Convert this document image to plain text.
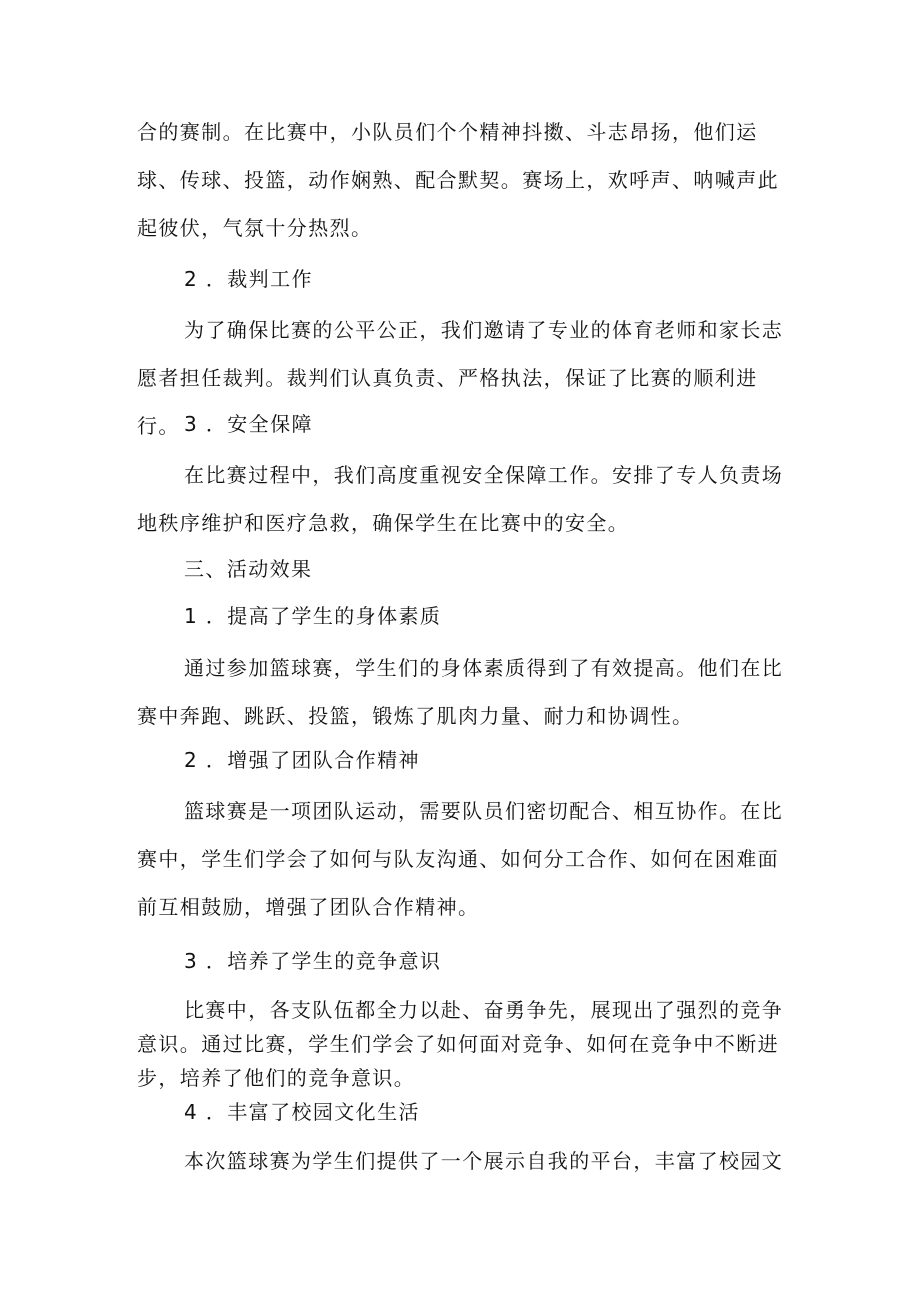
合的赛制。在比赛中，小队员们个个精神抖擞、斗志昂扬，他们运球、传球、投篮，动作娴熟、配合默契。赛场上，欢呼声、呐喊声此起彼伏，气氛十分热烈。

2 ．裁判工作

为了确保比赛的公平公正，我们邀请了专业的体育老师和家长志愿者担任裁判。裁判们认真负责、严格执法，保证了比赛的顺利进行。 3 ．安全保障

在比赛过程中，我们高度重视安全保障工作。安排了专人负责场地秩序维护和医疗急救，确保学生在比赛中的安全。

三、活动效果

1 ．提高了学生的身体素质

通过参加篮球赛，学生们的身体素质得到了有效提高。他们在比赛中奔跑、跳跃、投篮，锻炼了肌肉力量、耐力和协调性。

2 ．增强了团队合作精神

篮球赛是一项团队运动，需要队员们密切配合、相互协作。在比赛中，学生们学会了如何与队友沟通、如何分工合作、如何在困难面前互相鼓励，增强了团队合作精神。

3 ．培养了学生的竞争意识

比赛中，各支队伍都全力以赴、奋勇争先，展现出了强烈的竞争意识。通过比赛，学生们学会了如何面对竞争、如何在竞争中不断进步，培养了他们的竞争意识。

4 ．丰富了校园文化生活

本次篮球赛为学生们提供了一个展示自我的平台，丰富了校园文
